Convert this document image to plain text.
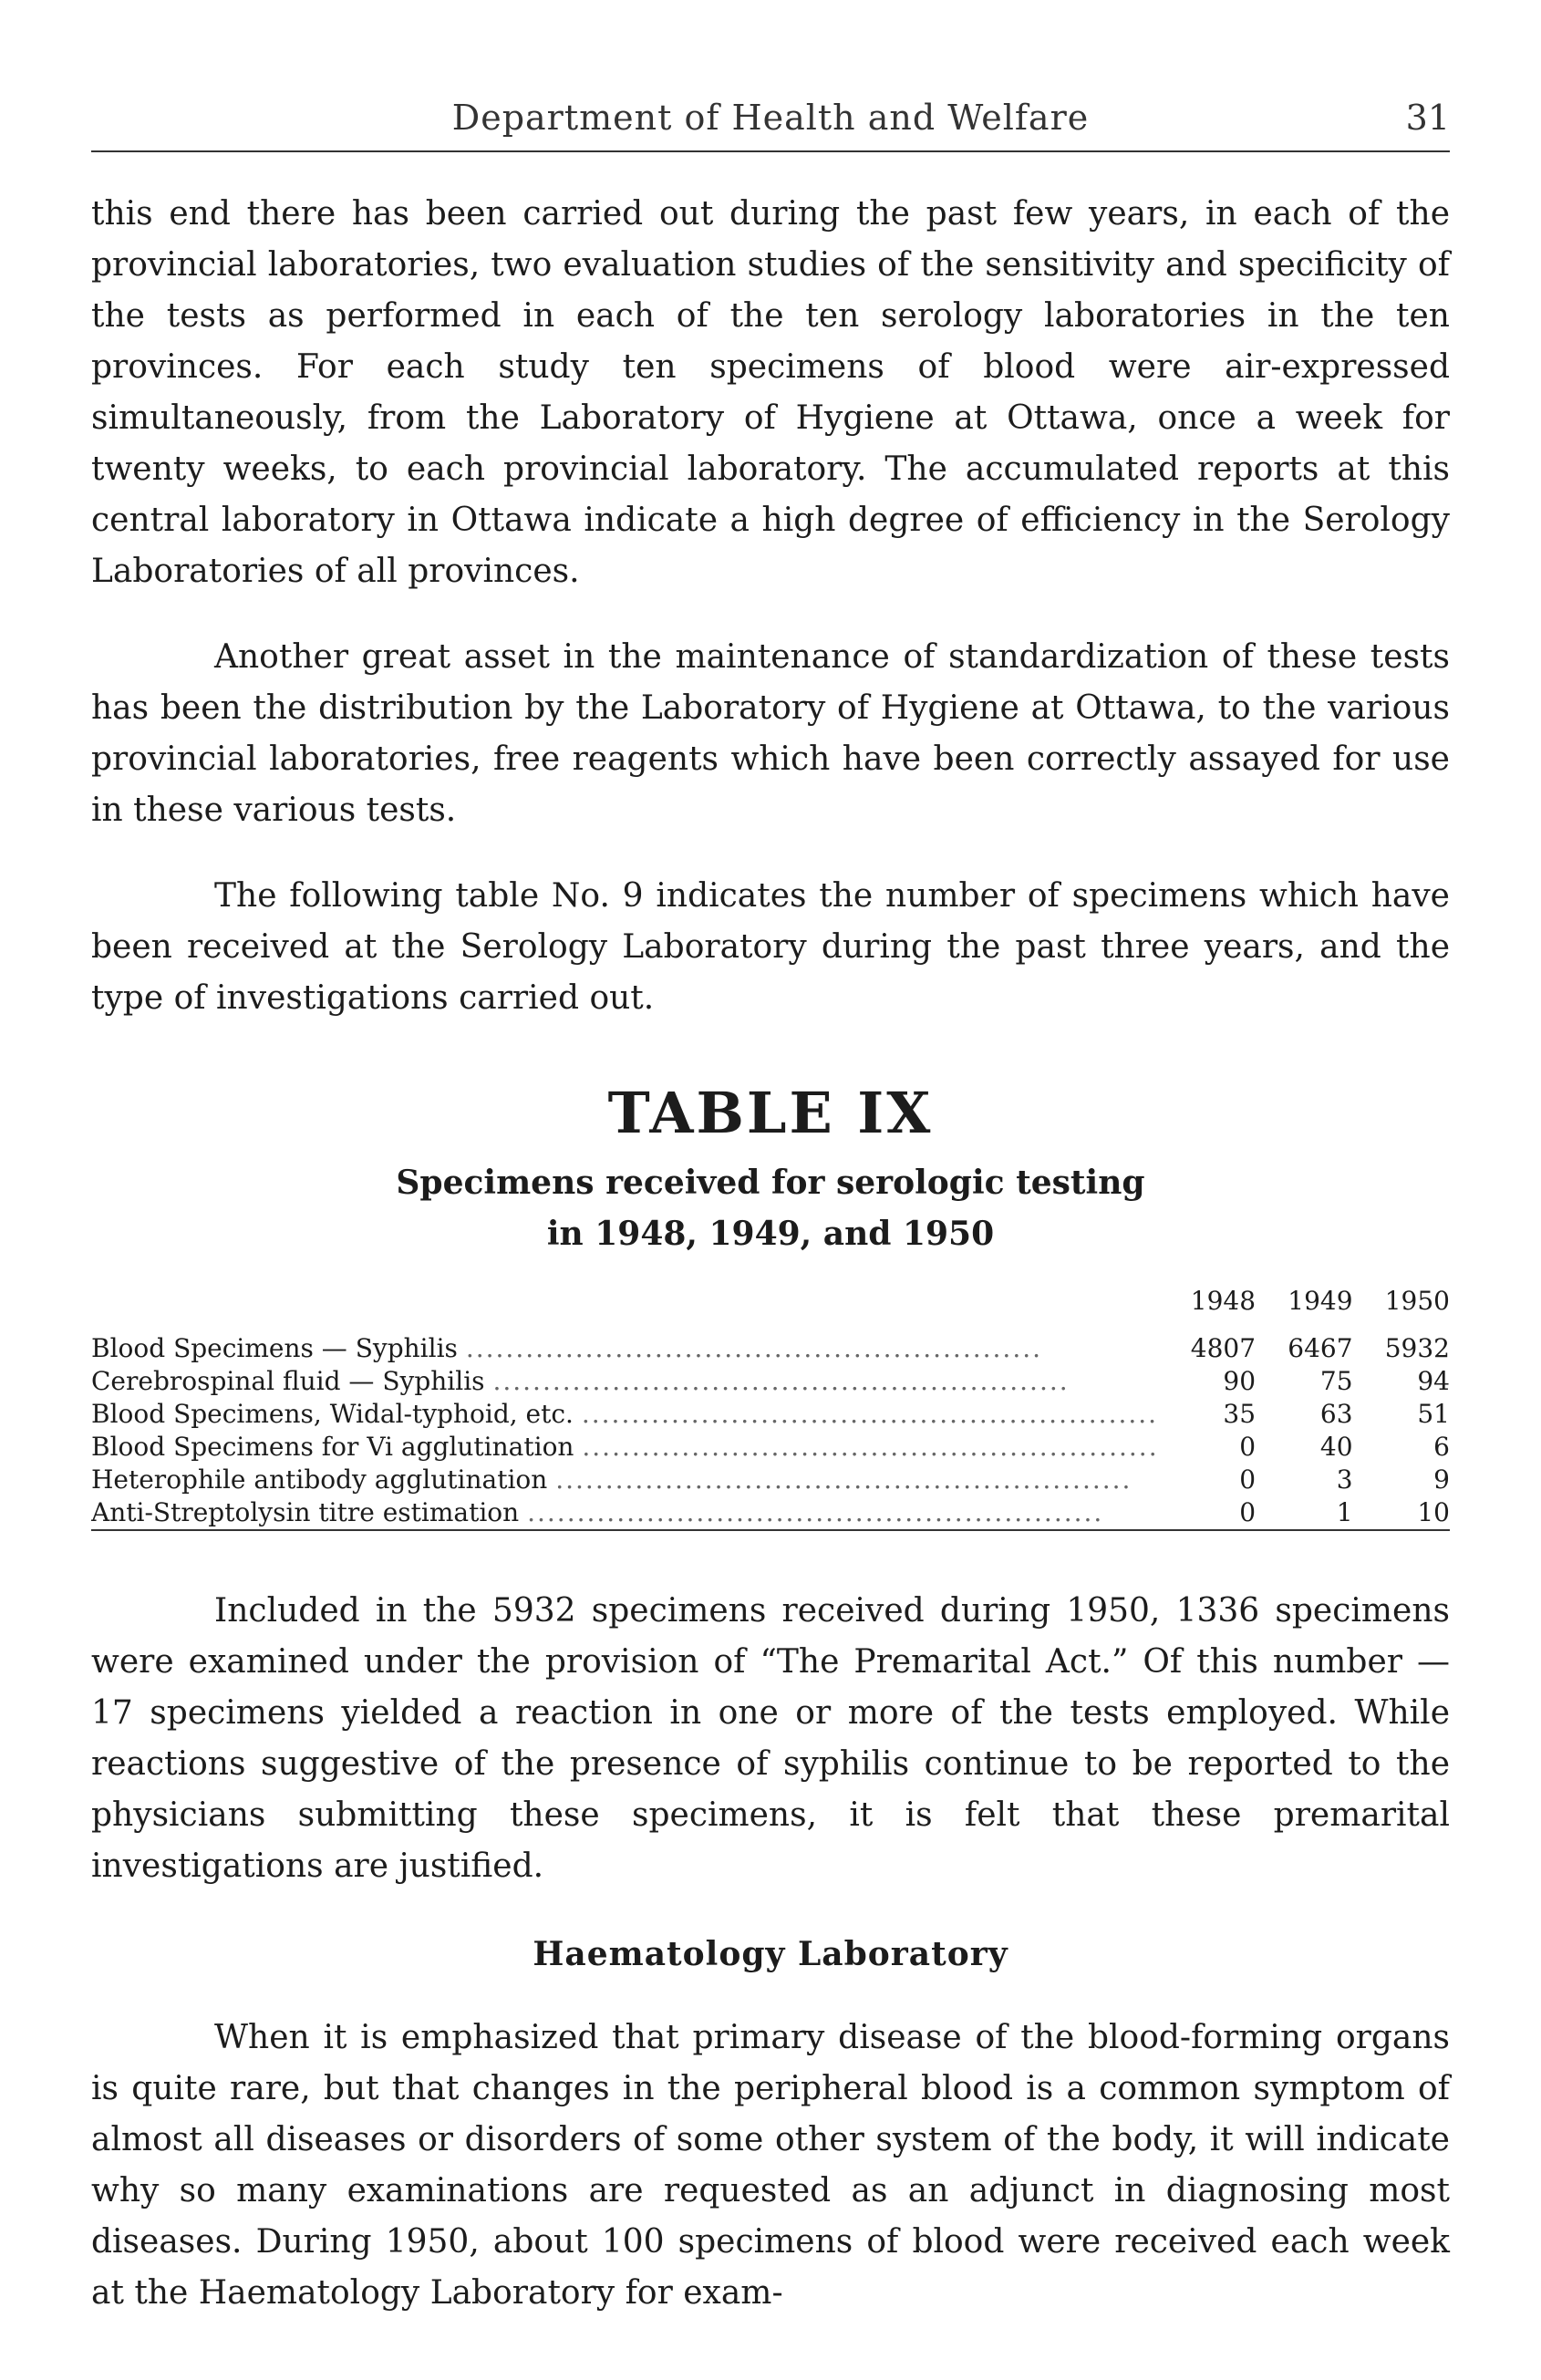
Department of Health and Welfare	31

this end there has been carried out during the past few years, in each of the provincial laboratories, two evaluation studies of the sensitivity and specificity of the tests as performed in each of the ten serology laboratories in the ten provinces. For each study ten specimens of blood were air-expressed simultaneously, from the Laboratory of Hygiene at Ottawa, once a week for twenty weeks, to each provincial laboratory. The accumulated reports at this central laboratory in Ottawa indicate a high degree of efficiency in the Serology Laboratories of all provinces.

Another great asset in the maintenance of standardization of these tests has been the distribution by the Laboratory of Hygiene at Ottawa, to the various provincial laboratories, free reagents which have been correctly assayed for use in these various tests.

The following table No. 9 indicates the number of specimens which have been received at the Serology Laboratory during the past three years, and the type of investigations carried out.

TABLE IX
Specimens received for serologic testing
in 1948, 1949, and 1950
	1948	1949	1950
Blood Specimens — Syphilis ..........................................................	4807	6467	5932
Cerebrospinal fluid — Syphilis ..........................................................	90	75	94
Blood Specimens, Widal-typhoid, etc. ..........................................................	35	63	51
Blood Specimens for Vi agglutination ..........................................................	0	40	6
Heterophile antibody agglutination ..........................................................	0	3	9
Anti-Streptolysin titre estimation ..........................................................	0	1	10

Included in the 5932 specimens received during 1950, 1336 specimens were examined under the provision of “The Premarital Act.” Of this number — 17 specimens yielded a reaction in one or more of the tests employed. While reactions suggestive of the presence of syphilis continue to be reported to the physicians submitting these specimens, it is felt that these premarital investigations are justified.

Haematology Laboratory

When it is emphasized that primary disease of the blood-forming organs is quite rare, but that changes in the peripheral blood is a common symptom of almost all diseases or disorders of some other system of the body, it will indicate why so many examinations are requested as an adjunct in diagnosing most diseases. During 1950, about 100 specimens of blood were received each week at the Haematology Laboratory for exam-
